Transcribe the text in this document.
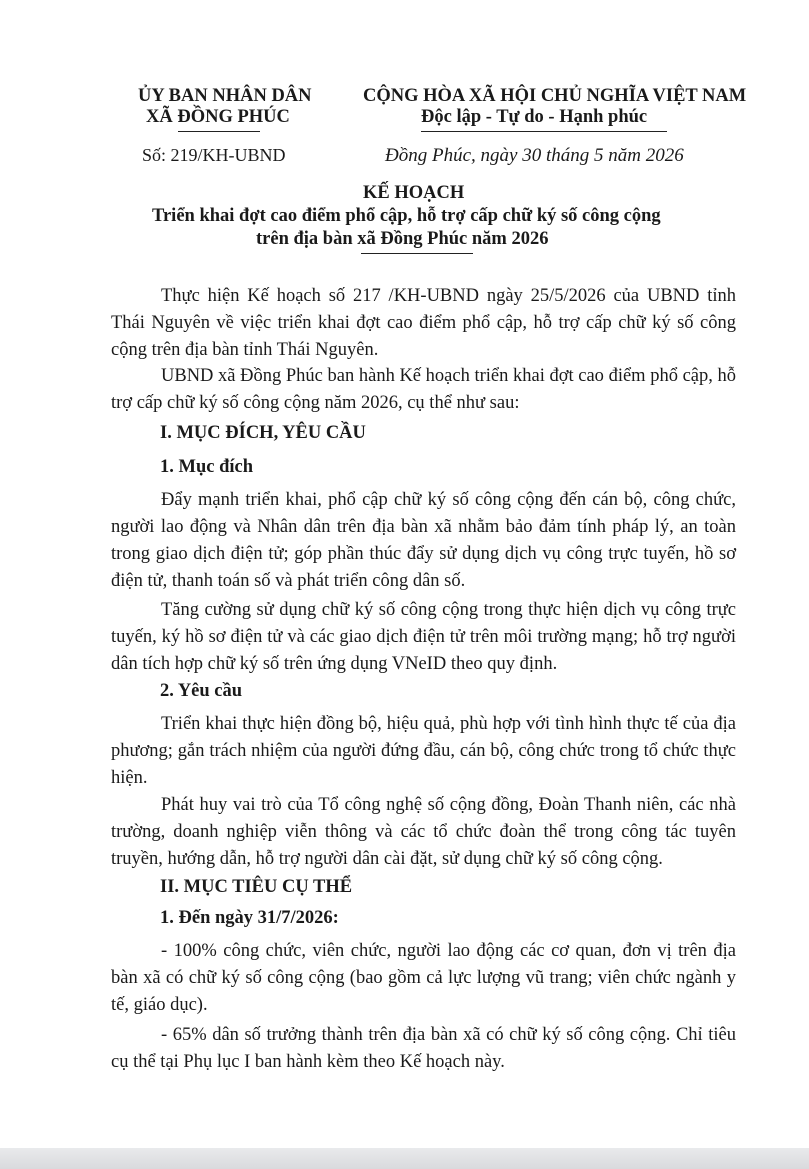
ỦY BAN NHÂN DÂN
XÃ ĐỒNG PHÚC
CỘNG HÒA XÃ HỘI CHỦ NGHĨA VIỆT NAM
Độc lập - Tự do - Hạnh phúc
Số: 219/KH-UBND	Đồng Phúc, ngày 30 tháng 5 năm 2026
KẾ HOẠCH
Triển khai đợt cao điểm phổ cập, hỗ trợ cấp chữ ký số công cộng
trên địa bàn xã Đồng Phúc năm 2026
Thực hiện Kế hoạch số 217 /KH-UBND ngày 25/5/2026 của UBND tỉnh Thái Nguyên về việc triển khai đợt cao điểm phổ cập, hỗ trợ cấp chữ ký số công cộng trên địa bàn tỉnh Thái Nguyên.
UBND xã Đồng Phúc ban hành Kế hoạch triển khai đợt cao điểm phổ cập, hỗ trợ cấp chữ ký số công cộng năm 2026, cụ thể như sau:
I. MỤC ĐÍCH, YÊU CẦU
1. Mục đích
Đẩy mạnh triển khai, phổ cập chữ ký số công cộng đến cán bộ, công chức, người lao động và Nhân dân trên địa bàn xã nhằm bảo đảm tính pháp lý, an toàn trong giao dịch điện tử; góp phần thúc đẩy sử dụng dịch vụ công trực tuyến, hồ sơ điện tử, thanh toán số và phát triển công dân số.
Tăng cường sử dụng chữ ký số công cộng trong thực hiện dịch vụ công trực tuyến, ký hồ sơ điện tử và các giao dịch điện tử trên môi trường mạng; hỗ trợ người dân tích hợp chữ ký số trên ứng dụng VNeID theo quy định.
2. Yêu cầu
Triển khai thực hiện đồng bộ, hiệu quả, phù hợp với tình hình thực tế của địa phương; gắn trách nhiệm của người đứng đầu, cán bộ, công chức trong tổ chức thực hiện.
Phát huy vai trò của Tổ công nghệ số cộng đồng, Đoàn Thanh niên, các nhà trường, doanh nghiệp viễn thông và các tổ chức đoàn thể trong công tác tuyên truyền, hướng dẫn, hỗ trợ người dân cài đặt, sử dụng chữ ký số công cộng.
II. MỤC TIÊU CỤ THỂ
1. Đến ngày 31/7/2026:
- 100% công chức, viên chức, người lao động các cơ quan, đơn vị trên địa bàn xã có chữ ký số công cộng (bao gồm cả lực lượng vũ trang; viên chức ngành y tế, giáo dục).
- 65% dân số trưởng thành trên địa bàn xã có chữ ký số công cộng. Chỉ tiêu cụ thể tại Phụ lục I ban hành kèm theo Kế hoạch này.
